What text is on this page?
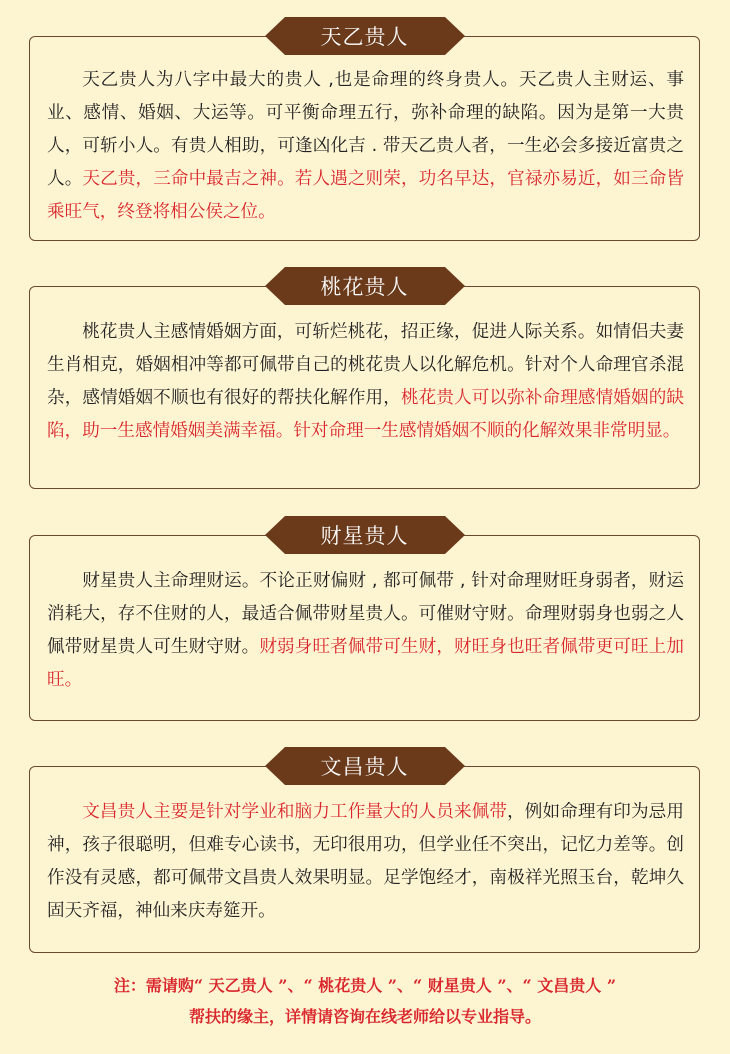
天乙贵人
天乙贵人为八字中最大的贵人 ,也是命理的终身贵人。天乙贵人主财运、事业、感情、婚姻、大运等。可平衡命理五行，弥补命理的缺陷。因为是第一大贵人，可斩小人。有贵人相助，可逢凶化吉 . 带天乙贵人者，一生必会多接近富贵之人。天乙贵，三命中最吉之神。若人遇之则荣，功名早达，官禄亦易近，如三命皆乘旺气，终登将相公侯之位。
桃花贵人
桃花贵人主感情婚姻方面，可斩烂桃花，招正缘，促进人际关系。如情侣夫妻生肖相克，婚姻相冲等都可佩带自己的桃花贵人以化解危机。针对个人命理官杀混杂，感情婚姻不顺也有很好的帮扶化解作用，桃花贵人可以弥补命理感情婚姻的缺陷，助一生感情婚姻美满幸福。针对命理一生感情婚姻不顺的化解效果非常明显。
财星贵人
财星贵人主命理财运。不论正财偏财 , 都可佩带 , 针对命理财旺身弱者，财运消耗大，存不住财的人，最适合佩带财星贵人。可催财守财。命理财弱身也弱之人佩带财星贵人可生财守财。财弱身旺者佩带可生财，财旺身也旺者佩带更可旺上加旺。
文昌贵人
文昌贵人主要是针对学业和脑力工作量大的人员来佩带，例如命理有印为忌用神，孩子很聪明，但难专心读书，无印很用功，但学业任不突出，记忆力差等。创作没有灵感，都可佩带文昌贵人效果明显。足学饱经才，南极祥光照玉台，乾坤久固天齐福，神仙来庆寿筵开。
注：需请购“ 天乙贵人 ”、“ 桃花贵人 ”、“ 财星贵人 ”、“ 文昌贵人 ”
帮扶的缘主，详情请咨询在线老师给以专业指导。
